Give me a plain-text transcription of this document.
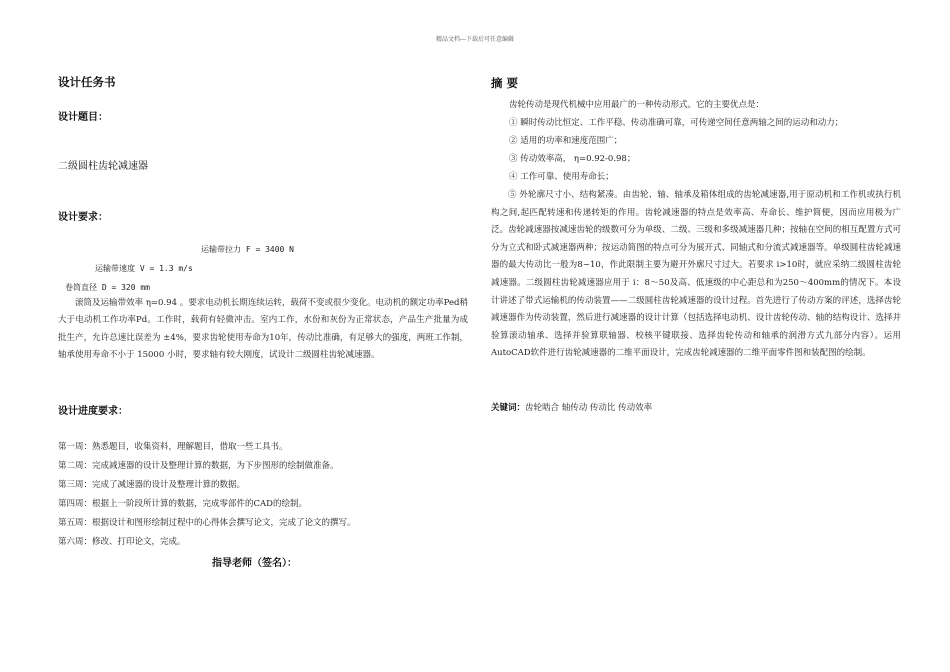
精品文档---下载后可任意编辑
设计任务书
设计题目：
二级圆柱齿轮减速器
设计要求：
运输带拉力 F = 3400 N
运输带速度 V = 1.3 m/s
卷筒直径 D = 320 mm
滚筒及运输带效率 η=0.94 。要求电动机长期连续运转，载荷不变或很少变化。电动机的额定功率Ped稍大于电动机工作功率Pd。工作时，载荷有轻微冲击。室内工作，水份和灰份为正常状态，产品生产批量为成批生产，允许总速比误差为 ±4%，要求齿轮使用寿命为10年，传动比准确，有足够大的强度，两班工作制，轴承使用寿命不小于 15000 小时，要求轴有较大刚度，试设计二级圆柱齿轮减速器。
设计进度要求：
第一周：熟悉题目，收集资料，理解题目，借取一些工具书。
第二周：完成减速器的设计及整理计算的数据，为下步图形的绘制做准备。
第三周：完成了减速器的设计及整理计算的数据。
第四周：根据上一阶段所计算的数据，完成零部件的CAD的绘制。
第五周：根据设计和图形绘制过程中的心得体会撰写论文，完成了论文的撰写。
第六周：修改、打印论文，完成。
指导老师（签名）：
摘 要
齿轮传动是现代机械中应用最广的一种传动形式。它的主要优点是：
① 瞬时传动比恒定、工作平稳、传动准确可靠，可传递空间任意两轴之间的运动和动力；
② 适用的功率和速度范围广；
③ 传动效率高， η=0.92-0.98；
④ 工作可靠、使用寿命长；
⑤ 外轮廓尺寸小、结构紧凑。由齿轮、轴、轴承及箱体组成的齿轮减速器,用于原动机和工作机或执行机构之间,起匹配转速和传递转矩的作用。齿轮减速器的特点是效率高、寿命长、维护简便，因而应用极为广泛。齿轮减速器按减速齿轮的级数可分为单级、二级、三级和多级减速器几种；按轴在空间的相互配置方式可分为立式和卧式减速器两种；按运动简图的特点可分为展开式、同轴式和分流式减速器等。单级圆柱齿轮减速器的最大传动比一般为8~10，作此限制主要为避开外廓尺寸过大。若要求 i>10时，就应采纳二级圆柱齿轮减速器。二级圆柱齿轮减速器应用于 i：8～50及高、低速级的中心距总和为250～400mm的情况下。本设计讲述了带式运输机的传动装置——二级圆柱齿轮减速器的设计过程。首先进行了传动方案的评述，选择齿轮减速器作为传动装置，然后进行减速器的设计计算（包括选择电动机、设计齿轮传动、轴的结构设计、选择并验算滚动轴承、选择并验算联轴器、校核平键联接、选择齿轮传动和轴承的润滑方式九部分内容）。运用AutoCAD软件进行齿轮减速器的二维平面设计，完成齿轮减速器的二维平面零件图和装配图的绘制。
关键词：齿轮啮合 轴传动 传动比 传动效率
